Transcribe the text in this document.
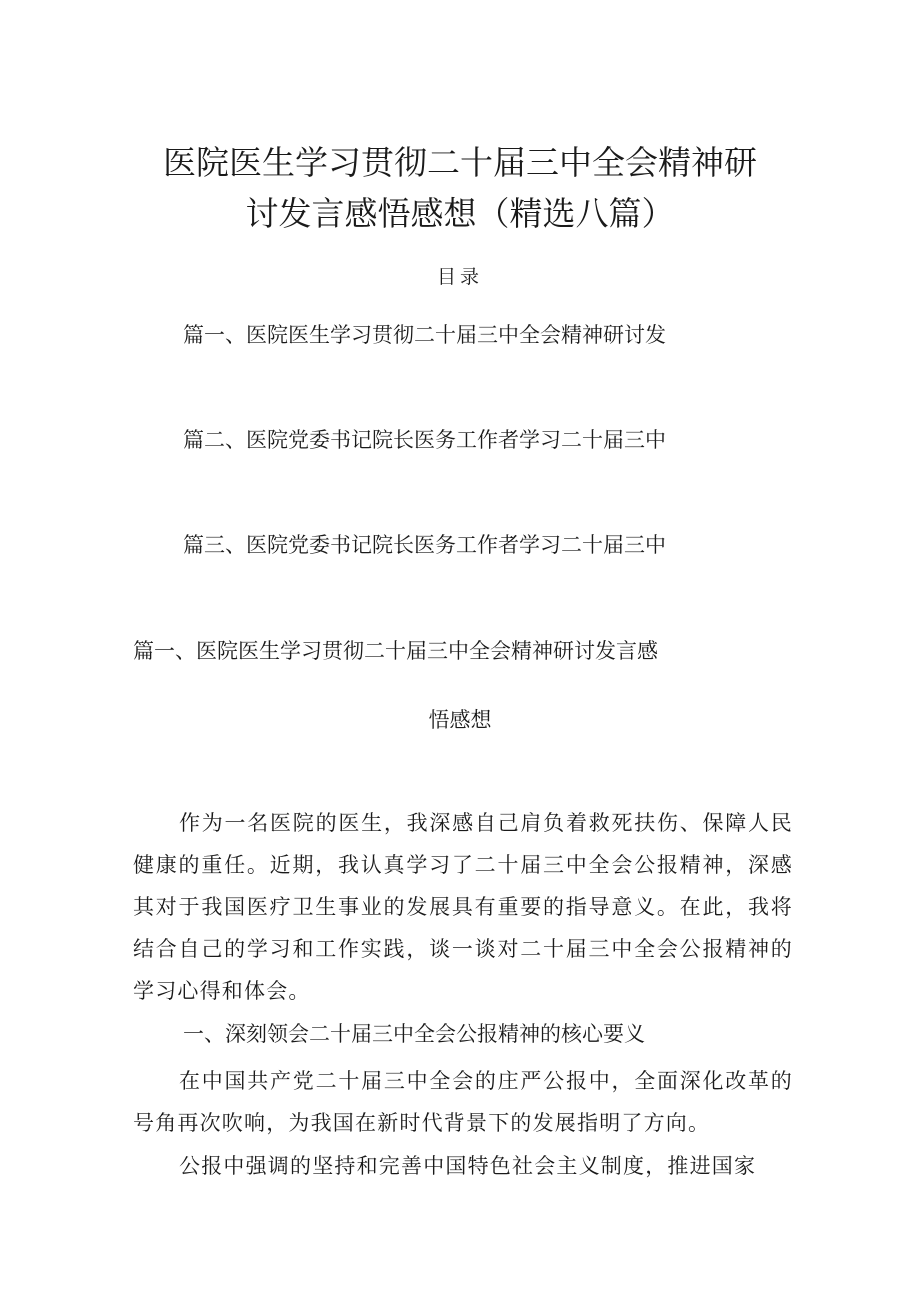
医院医生学习贯彻二十届三中全会精神研
讨发言感悟感想（精选八篇）
目录
篇一、医院医生学习贯彻二十届三中全会精神研讨发
篇二、医院党委书记院长医务工作者学习二十届三中
篇三、医院党委书记院长医务工作者学习二十届三中
篇一、医院医生学习贯彻二十届三中全会精神研讨发言感
悟感想

作为一名医院的医生，我深感自己肩负着救死扶伤、保障人民健康的重任。近期，我认真学习了二十届三中全会公报精神，深感其对于我国医疗卫生事业的发展具有重要的指导意义。在此，我将结合自己的学习和工作实践，谈一谈对二十届三中全会公报精神的学习心得和体会。

一、深刻领会二十届三中全会公报精神的核心要义

在中国共产党二十届三中全会的庄严公报中，全面深化改革的号角再次吹响，为我国在新时代背景下的发展指明了方向。

公报中强调的坚持和完善中国特色社会主义制度，推进国家
